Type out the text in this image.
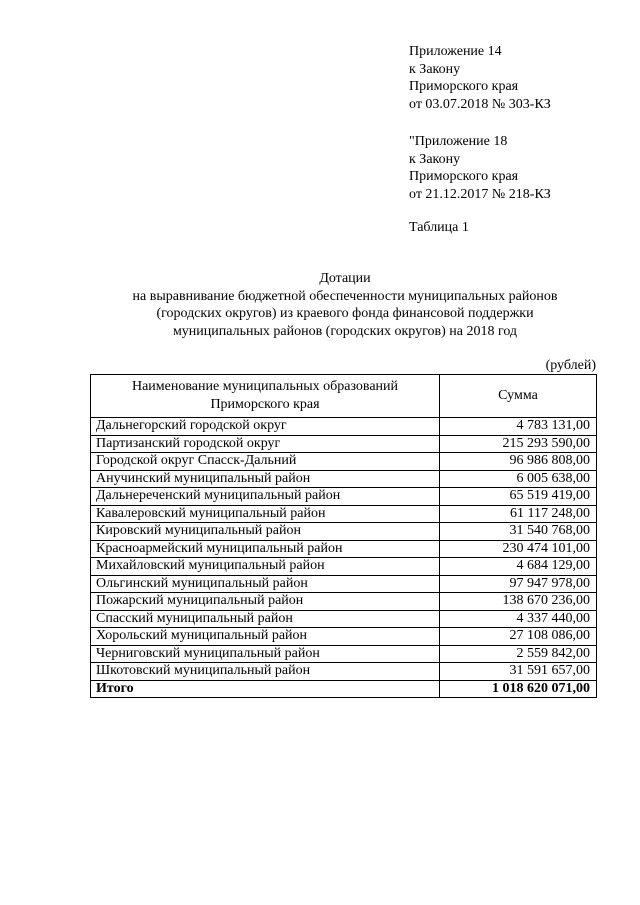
Приложение 14
к Закону
Приморского края
от 03.07.2018 № 303-КЗ
"Приложение 18
к Закону
Приморского края
от 21.12.2017 № 218-КЗ
Таблица 1
Дотации
на выравнивание бюджетной обеспеченности муниципальных районов
(городских округов) из краевого фонда финансовой поддержки
муниципальных районов (городских округов) на 2018 год
(рублей)
Наименование муниципальных образований Приморского края	Сумма
Дальнегорский городской округ	4 783 131,00
Партизанский городской округ	215 293 590,00
Городской округ Спасск-Дальний	96 986 808,00
Анучинский муниципальный район	6 005 638,00
Дальнереченский муниципальный район	65 519 419,00
Кавалеровский муниципальный район	61 117 248,00
Кировский муниципальный район	31 540 768,00
Красноармейский муниципальный район	230 474 101,00
Михайловский муниципальный район	4 684 129,00
Ольгинский муниципальный район	97 947 978,00
Пожарский муниципальный район	138 670 236,00
Спасский муниципальный район	4 337 440,00
Хорольский муниципальный район	27 108 086,00
Черниговский муниципальный район	2 559 842,00
Шкотовский муниципальный район	31 591 657,00
Итого	1 018 620 071,00
